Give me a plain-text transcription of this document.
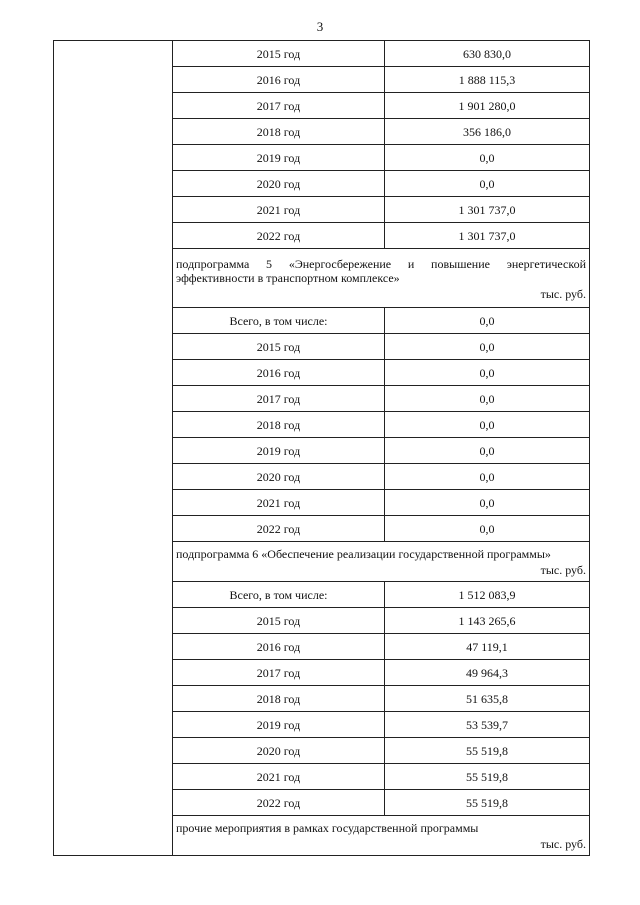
3
	2015 год	630 830,0
	2016 год	1 888 115,3
	2017 год	1 901 280,0
	2018 год	356 186,0
	2019 год	0,0
	2020 год	0,0
	2021 год	1 301 737,0
	2022 год	1 301 737,0

	подпрограмма 5 «Энергосбережение и повышение энергетической эффективности в транспортном комплексе»
тыс. руб.	

	Всего, в том числе:	0,0
	2015 год	0,0
	2016 год	0,0
	2017 год	0,0
	2018 год	0,0
	2019 год	0,0
	2020 год	0,0
	2021 год	0,0
	2022 год	0,0

	подпрограмма 6 «Обеспечение реализации государственной программы»
тыс. руб.	

	Всего, в том числе:	1 512 083,9
	2015 год	1 143 265,6
	2016 год	47 119,1
	2017 год	49 964,3
	2018 год	51 635,8
	2019 год	53 539,7
	2020 год	55 519,8
	2021 год	55 519,8
	2022 год	55 519,8

	прочие мероприятия в рамках государственной программы
тыс. руб.	
